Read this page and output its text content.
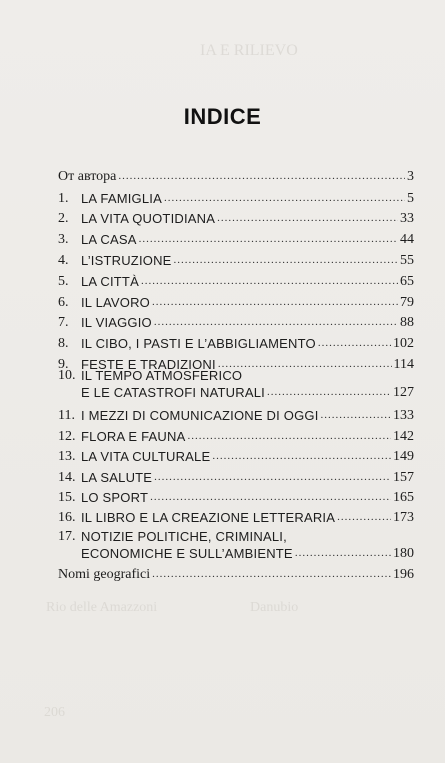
IA E RILIEVO
Rio delle Amazzoni	Danubio
206
INDICE
От автора .....	3
1. LA FAMIGLIA .....	5
2. LA VITA QUOTIDIANA .....	33
3. LA CASA .....	44
4. L’ISTRUZIONE .....	55
5. LA CITTÀ .....	65
6. IL LAVORO .....	79
7. IL VIAGGIO .....	88
8. IL CIBO, I PASTI E L’ABBIGLIAMENTO .....	102
9. FESTE E TRADIZIONI .....	114
10. IL TEMPO ATMOSFERICO
E LE CATASTROFI NATURALI .....	127
11. I MEZZI DI COMUNICAZIONE DI OGGI .....	133
12. FLORA E FAUNA .....	142
13. LA VITA CULTURALE .....	149
14. LA SALUTE .....	157
15. LO SPORT .....	165
16. IL LIBRO E LA CREAZIONE LETTERARIA .....	173
17. NOTIZIE POLITICHE, CRIMINALI,
ECONOMICHE E SULL’AMBIENTE .....	180
Nomi geografici .....	196
